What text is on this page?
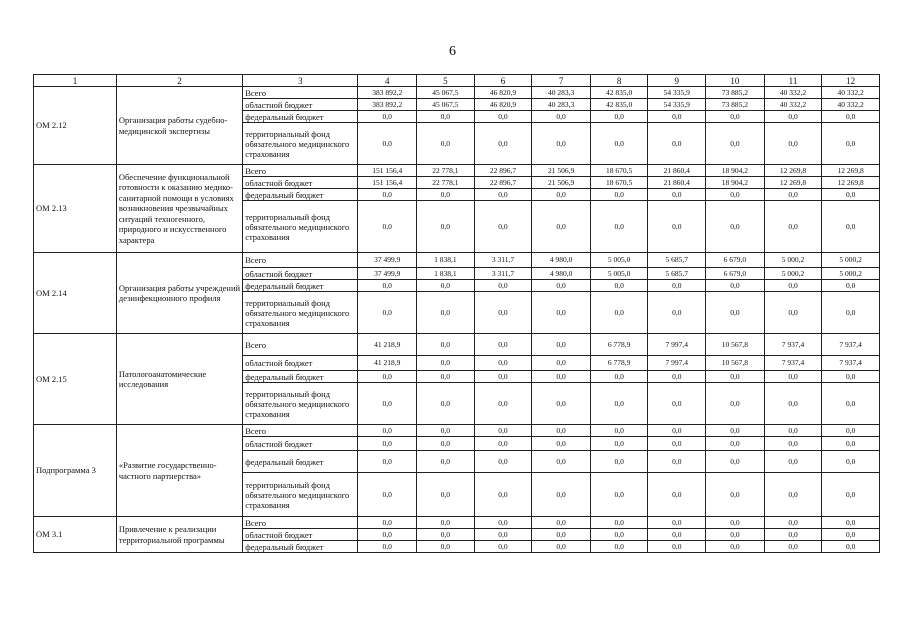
6
1	2	3	4	5	6	7	8	9	10	11	12
ОМ 2.12	Организация работы судебно-медицинской экспертизы	Всего	383 892,2	45 067,5	46 820,9	40 283,3	42 835,0	54 335,9	73 885,2	40 332,2	40 332,2
		областной бюджет	383 892,2	45 067,5	46 820,9	40 283,3	42 835,0	54 335,9	73 885,2	40 332,2	40 332,2
		федеральный бюджет	0,0	0,0	0,0	0,0	0,0	0,0	0,0	0,0	0,0
		территориальный фонд обязательного медицинского страхования	0,0	0,0	0,0	0,0	0,0	0,0	0,0	0,0	0,0
ОМ 2.13	Обеспечение функциональной готовности к оказанию медико-санитарной помощи в условиях возникновения чрезвычайных ситуаций техногенного, природного и искусственного характера	Всего	151 156,4	22 778,1	22 896,7	21 506,9	18 670,5	21 860,4	18 904,2	12 269,8	12 269,8
		областной бюджет	151 156,4	22 778,1	22 896,7	21 506,9	18 670,5	21 860,4	18 904,2	12 269,8	12 269,8
		федеральный бюджет	0,0	0,0	0,0	0,0	0,0	0,0	0,0	0,0	0,0
		территориальный фонд обязательного медицинского страхования	0,0	0,0	0,0	0,0	0,0	0,0	0,0	0,0	0,0
ОМ 2.14	Организация работы учреждений дезинфекционного профиля	Всего	37 499,9	1 838,1	3 311,7	4 980,0	5 005,0	5 685,7	6 679,0	5 000,2	5 000,2
		областной бюджет	37 499,9	1 838,1	3 311,7	4 980,0	5 005,0	5 685,7	6 679,0	5 000,2	5 000,2
		федеральный бюджет	0,0	0,0	0,0	0,0	0,0	0,0	0,0	0,0	0,0
		территориальный фонд обязательного медицинского страхования	0,0	0,0	0,0	0,0	0,0	0,0	0,0	0,0	0,0
ОМ 2.15	Патологоанатомические исследования	Всего	41 218,9	0,0	0,0	0,0	6 778,9	7 997,4	10 567,8	7 937,4	7 937,4
		областной бюджет	41 218,9	0,0	0,0	0,0	6 778,9	7 997,4	10 567,8	7 937,4	7 937,4
		федеральный бюджет	0,0	0,0	0,0	0,0	0,0	0,0	0,0	0,0	0,0
		территориальный фонд обязательного медицинского страхования	0,0	0,0	0,0	0,0	0,0	0,0	0,0	0,0	0,0
Подпрограмма 3	«Развитие государственно-частного партнерства»	Всего	0,0	0,0	0,0	0,0	0,0	0,0	0,0	0,0	0,0
		областной бюджет	0,0	0,0	0,0	0,0	0,0	0,0	0,0	0,0	0,0
		федеральный бюджет	0,0	0,0	0,0	0,0	0,0	0,0	0,0	0,0	0,0
		территориальный фонд обязательного медицинского страхования	0,0	0,0	0,0	0,0	0,0	0,0	0,0	0,0	0,0
ОМ 3.1	Привлечение к реализации территориальной программы	Всего	0,0	0,0	0,0	0,0	0,0	0,0	0,0	0,0	0,0
		областной бюджет	0,0	0,0	0,0	0,0	0,0	0,0	0,0	0,0	0,0
		федеральный бюджет	0,0	0,0	0,0	0,0	0,0	0,0	0,0	0,0	0,0
